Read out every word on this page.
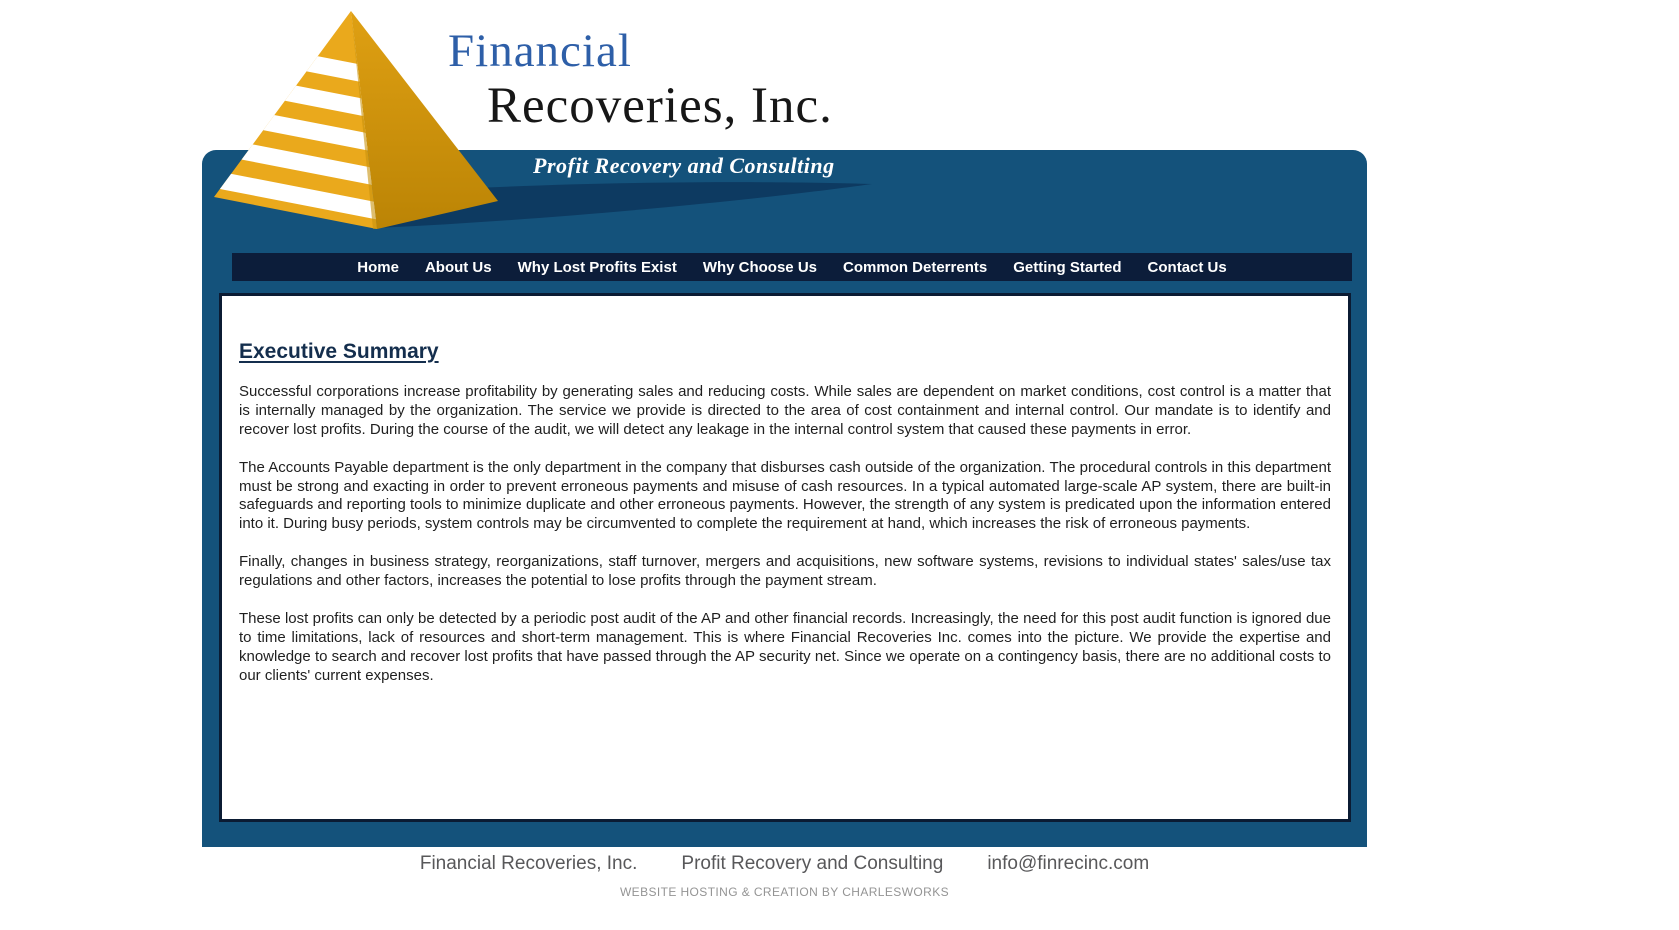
Financial
Recoveries, Inc.
Profit Recovery and Consulting
Home About Us Why Lost Profits Exist Why Choose Us Common Deterrents Getting Started Contact Us
Executive Summary

Successful corporations increase profitability by generating sales and reducing costs. While sales are dependent on market conditions, cost control is a matter that is internally managed by the organization. The service we provide is directed to the area of cost containment and internal control. Our mandate is to identify and recover lost profits. During the course of the audit, we will detect any leakage in the internal control system that caused these payments in error.

The Accounts Payable department is the only department in the company that disburses cash outside of the organization. The procedural controls in this department must be strong and exacting in order to prevent erroneous payments and misuse of cash resources. In a typical automated large-scale AP system, there are built-in safeguards and reporting tools to minimize duplicate and other erroneous payments. However, the strength of any system is predicated upon the information entered into it. During busy periods, system controls may be circumvented to complete the requirement at hand, which increases the risk of erroneous payments.

Finally, changes in business strategy, reorganizations, staff turnover, mergers and acquisitions, new software systems, revisions to individual states' sales/use tax regulations and other factors, increases the potential to lose profits through the payment stream.

These lost profits can only be detected by a periodic post audit of the AP and other financial records. Increasingly, the need for this post audit function is ignored due to time limitations, lack of resources and short-term management. This is where Financial Recoveries Inc. comes into the picture. We provide the expertise and knowledge to search and recover lost profits that have passed through the AP security net. Since we operate on a contingency basis, there are no additional costs to our clients' current expenses.

Financial Recoveries, Inc. Profit Recovery and Consulting info@finrecinc.com
WEBSITE HOSTING & CREATION BY CHARLESWORKS
